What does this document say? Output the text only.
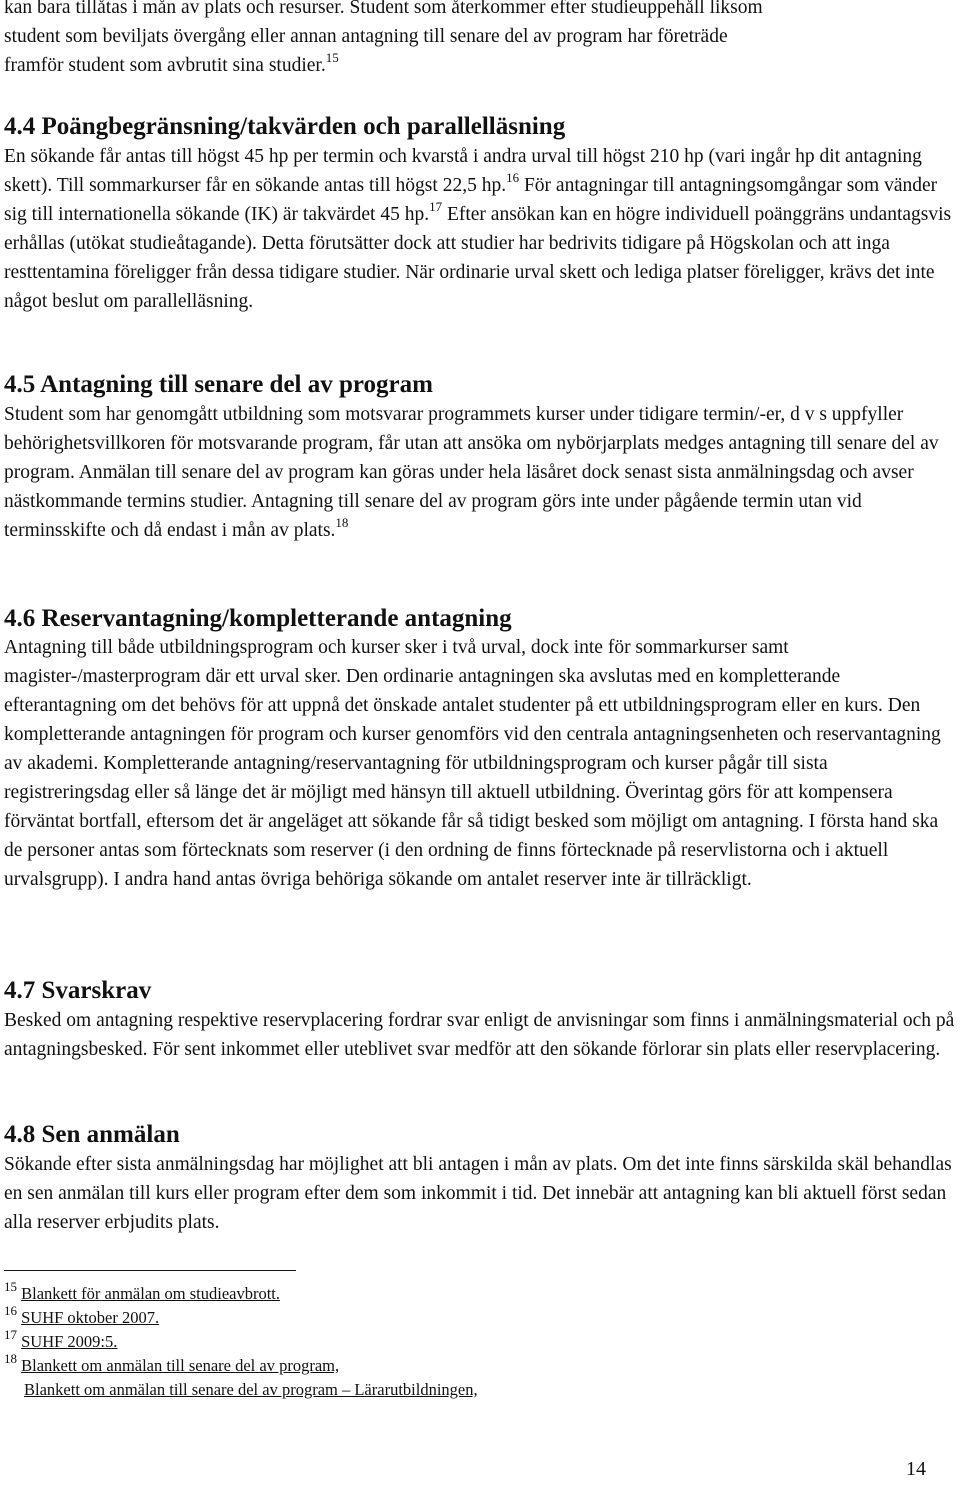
kan bara tillåtas i mån av plats och resurser. Student som återkommer efter studieuppehåll liksom

student som beviljats övergång eller annan antagning till senare del av program har företräde

framför student som avbrutit sina studier.$^{15}$

4.4 Poängbegränsning/takvärden och parallelläsning

En sökande får antas till högst 45 hp per termin och kvarstå i andra urval till högst 210 hp (vari ingår hp dit antagning skett). Till sommarkurser får en sökande antas till högst 22,5 hp.$^{16}$ För antagningar till antagningsomgångar som vänder sig till internationella sökande (IK) är takvärdet 45 hp.$^{17}$ Efter ansökan kan en högre individuell poänggräns undantagsvis erhållas (utökat studieåtagande). Detta förutsätter dock att studier har bedrivits tidigare på Högskolan och att inga resttentamina föreligger från dessa tidigare studier. När ordinarie urval skett och lediga platser föreligger, krävs det inte något beslut om parallelläsning.

4.5 Antagning till senare del av program

Student som har genomgått utbildning som motsvarar programmets kurser under tidigare termin/-er, d v s uppfyller behörighetsvillkoren för motsvarande program, får utan att ansöka om nybörjarplats medges antagning till senare del av program. Anmälan till senare del av program kan göras under hela läsåret dock senast sista anmälningsdag och avser nästkommande termins studier. Antagning till senare del av program görs inte under pågående termin utan vid terminsskifte och då endast i mån av plats.$^{18}$

4.6 Reservantagning/kompletterande antagning

Antagning till både utbildningsprogram och kurser sker i två urval, dock inte för sommarkurser samt magister-/masterprogram där ett urval sker. Den ordinarie antagningen ska avslutas med en kompletterande efterantagning om det behövs för att uppnå det önskade antalet studenter på ett utbildningsprogram eller en kurs. Den kompletterande antagningen för program och kurser genomförs vid den centrala antagningsenheten och reservantagning av akademi. Kompletterande antagning/reservantagning för utbildningsprogram och kurser pågår till sista registreringsdag eller så länge det är möjligt med hänsyn till aktuell utbildning. Överintag görs för att kompensera förväntat bortfall, eftersom det är angeläget att sökande får så tidigt besked som möjligt om antagning. I första hand ska de personer antas som förtecknats som reserver (i den ordning de finns förtecknade på reservlistorna och i aktuell urvalsgrupp). I andra hand antas övriga behöriga sökande om antalet reserver inte är tillräckligt.

4.7 Svarskrav

Besked om antagning respektive reservplacering fordrar svar enligt de anvisningar som finns i anmälningsmaterial och på antagningsbesked. För sent inkommet eller uteblivet svar medför att den sökande förlorar sin plats eller reservplacering.

4.8 Sen anmälan

Sökande efter sista anmälningsdag har möjlighet att bli antagen i mån av plats. Om det inte finns särskilda skäl behandlas en sen anmälan till kurs eller program efter dem som inkommit i tid. Det innebär att antagning kan bli aktuell först sedan alla reserver erbjudits plats.

$^{15}$ Blankett för anmälan om studieavbrott.
$^{16}$ SUHF oktober 2007.
$^{17}$ SUHF 2009:5.
$^{18}$ Blankett om anmälan till senare del av program,
Blankett om anmälan till senare del av program – Lärarutbildningen,
14
